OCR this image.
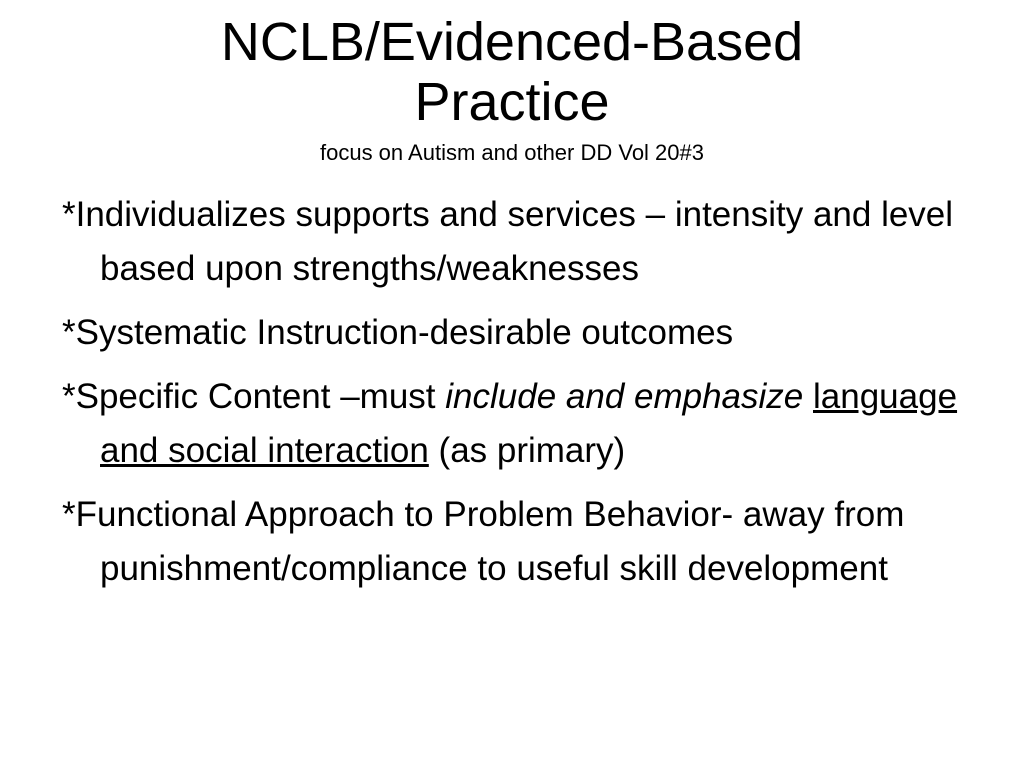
NCLB/Evidenced-Based
Practice
focus on Autism and other DD Vol 20#3
*Individualizes supports and services – intensity and level based upon strengths/weaknesses
*Systematic Instruction-desirable outcomes
*Specific Content –must include and emphasize language and social interaction (as primary)
*Functional Approach to Problem Behavior- away from punishment/compliance to useful skill development
